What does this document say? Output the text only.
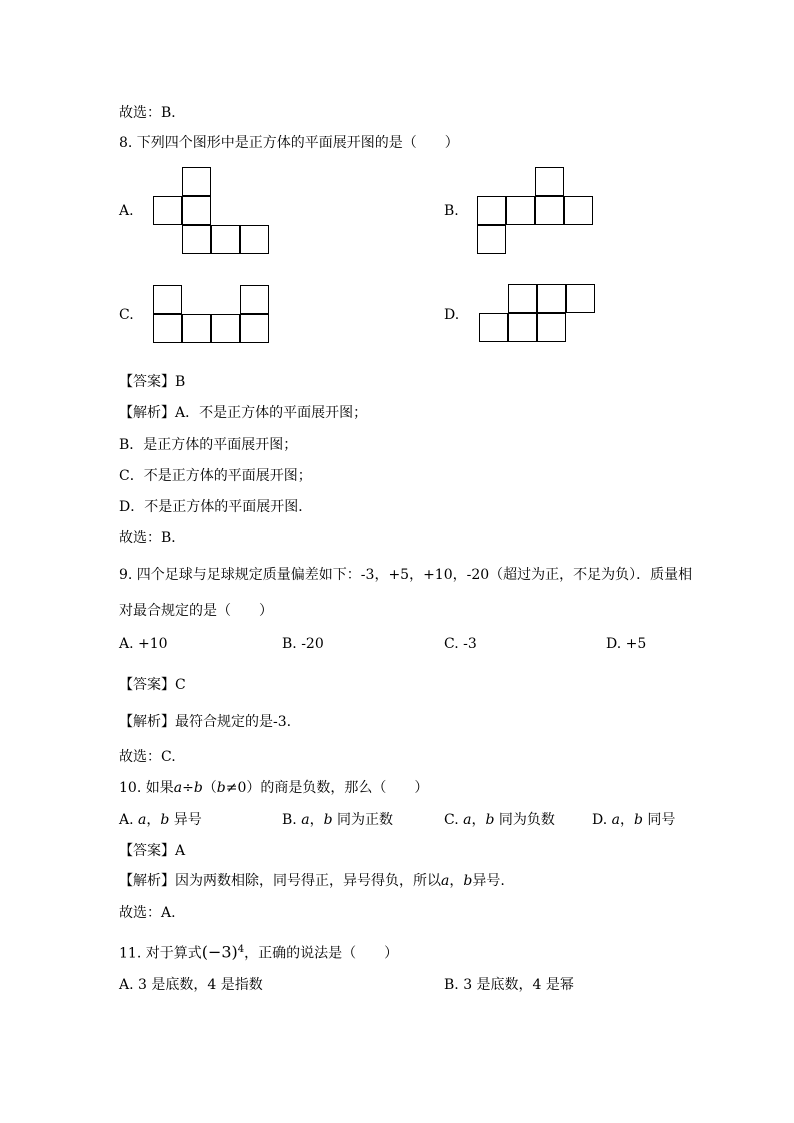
故选：B．
8. 下列四个图形中是正方体的平面展开图的是（　　）
A.	B.
C.	D.
【答案】B
【解析】A．不是正方体的平面展开图；
B．是正方体的平面展开图；
C．不是正方体的平面展开图；
D．不是正方体的平面展开图．
故选：B．
9. 四个足球与足球规定质量偏差如下：-3，+5，+10，-20（超过为正，不足为负）．质量相
对最合规定的是（　　）
A. +10	B. -20	C. -3	D. +5
【答案】C
【解析】最符合规定的是-3.
故选：C.
10. 如果a÷b（b≠0）的商是负数，那么（　　）
A. a，b 异号	B. a，b 同为正数	C. a，b 同为负数	D. a，b 同号
【答案】A
【解析】因为两数相除，同号得正，异号得负，所以a，b异号.
故选：A.
11. 对于算式$(-3)^4$，正确的说法是（　　）
A. 3 是底数，4 是指数	B. 3 是底数，4 是幂
